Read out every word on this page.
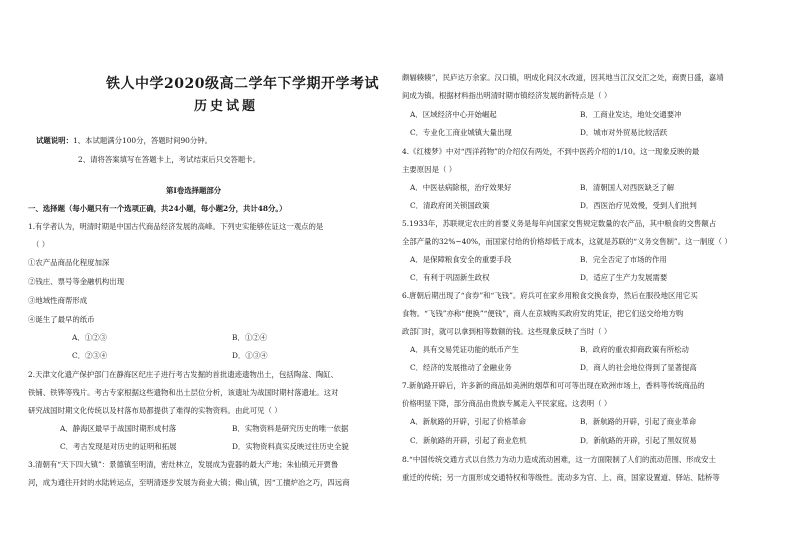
铁人中学2020级高二学年下学期开学考试
历史试题
试题说明：1、本试题满分100分，答题时间90分钟。
2、请将答案填写在答题卡上，考试结束后只交答题卡。
第Ⅰ卷选择题部分
一、选择题（每小题只有一个选项正确，共24小题，每小题2分，共计48分。）
1.有学者认为，明清时期是中国古代商品经济发展的高峰。下列史实能够佐证这一观点的是
（ ）
①农产品商品化程度加深
②钱庄、票号等金融机构出现
③地域性商帮形成
④诞生了最早的纸币
A．①②③	B．①②④
C．②③④	D．①③④
2.天津文化遗产保护部门在静海区纪庄子进行考古发掘的首批遗迹遗物出土，包括陶盆、陶缸、
铁铺、铁铧等残片。考古专家根据这些遗物和出土层位分析，该遗址为战国时期村落遗址。这对
研究战国时期文化传统以及村落布局都提供了难得的实物资料。由此可见（ ）
A．静海区最早于战国时期形成村落	B．实物资料是研究历史的唯一依据
C．考古发现是对历史的证明和拓展	D．实物资料真实反映过往历史全貌
3.清朝有“天下四大镇”：景德镇至明清，密灶林立，发展成为瓷器的最大产地；朱仙镇元开贾鲁
河，成为通往开封的水陆转运点，至明清逐步发展为商业大镇；佛山镇，因“工擅炉冶之巧，四远商
颇辐辏辏”，民庐达万余家。汉口镇，明成化间汉水改道，因其地当江汉交汇之处，商贾日盛，嘉靖
间成为镇。根据材料指出明清时期市镇经济发展的新特点是（ ）
A．区域经济中心开始崛起	B．工商业发达，地处交通要冲
C．专业化工商业城镇大量出现	D．城市对外贸易比较活跃
4.《红楼梦》中对“西洋药物”的介绍仅有两处，不到中医药介绍的1/10。这一现象反映的最
主要原因是（ ）
A．中医祛病除根，治疗效果好	B．清朝国人对西医缺乏了解
C．清政府闭关锁国政策	D．西医治疗见效慢，受到人们批判
5.1933年，苏联规定农庄的首要义务是每年向国家交售规定数量的农产品，其中粮食的交售额占
全部产量的32%~40%，而国家付给的价格却低于成本，这就是苏联的“义务交售制”。这一制度（ ）
A．是保障粮食安全的重要手段	B．完全否定了市场的作用
C．有利于巩固新生政权	D．适应了生产力发展需要
6.唐朝后期出现了“食券”和“飞钱”。府兵可在家乡用粮食交换食券，然后在服役地区用它买
食物。“飞钱”亦称“便换”“便钱”，商人在京城购买政府发的凭证，把它们送交给地方购
政部门时，就可以拿到相等数额的钱。这些现象反映了当时（ ）
A．具有交易凭证功能的纸币产生	B．政府的重农抑商政策有所松动
C．经济的发展推动了金融业务	D．商人的社会地位得到了显著提高
7.新航路开辟后，许多新的商品如美洲的烟草和可可等出现在欧洲市场上，香料等传统商品的
价格明显下降，部分商品由贵族专属走入平民家庭。这表明（ ）
A．新航路的开辟，引起了价格革命	B．新航路的开辟，引起了商业革命
C．新航路的开辟，引起了商业危机	D．新航路的开辟，引起了黑奴贸易
8.“中国传统交通方式以自然力为动力造成流动困难，这一方面限制了人们的流动范围、形成安土
重迁的传统；另一方面形成交通特权和等级性。流动多为官、上、商，国家设置道、驿站、陆桥等
